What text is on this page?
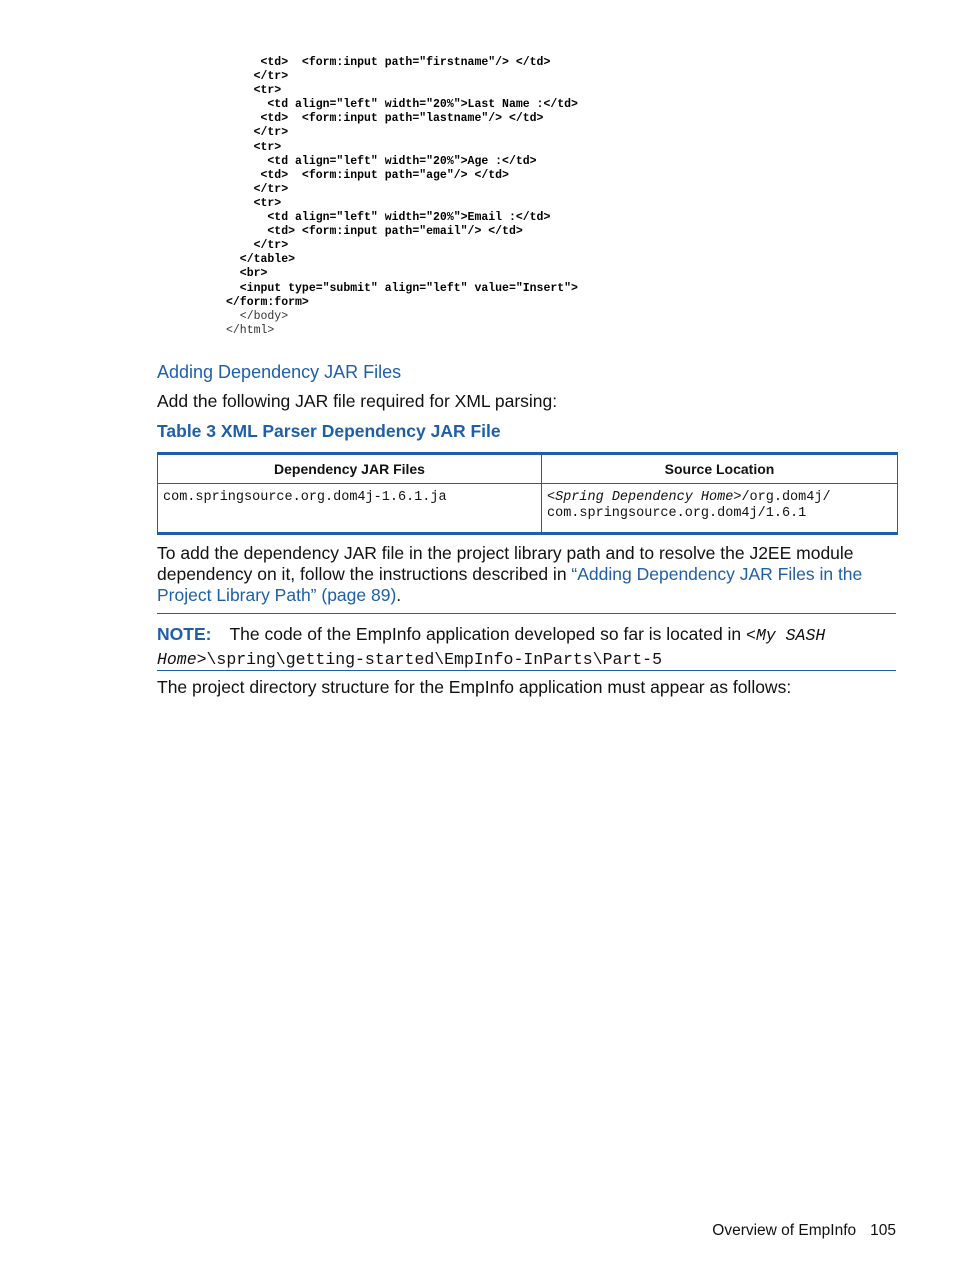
<td>  <form:input path="firstname"/> </td>
</tr>
<tr>
<td align="left" width="20%">Last Name :</td>
<td>  <form:input path="lastname"/> </td>
</tr>
<tr>
<td align="left" width="20%">Age :</td>
<td>  <form:input path="age"/> </td>
</tr>
<tr>
<td align="left" width="20%">Email :</td>
<td> <form:input path="email"/> </td>
</tr>
</table>
<br>
<input type="submit" align="left" value="Insert">
</form:form>
</body>
</html>
Adding Dependency JAR Files
Add the following JAR file required for XML parsing:
Table 3 XML Parser Dependency JAR File
Dependency JAR Files	Source Location
com.springsource.org.dom4j-1.6.1.ja	<Spring Dependency Home>/org.dom4j/
com.springsource.org.dom4j/1.6.1
To add the dependency JAR file in the project library path and to resolve the J2EE module dependency on it, follow the instructions described in “Adding Dependency JAR Files in the Project Library Path” (page 89).
NOTE: The code of the EmpInfo application developed so far is located in <My SASH
Home>\spring\getting-started\EmpInfo-InParts\Part-5
The project directory structure for the EmpInfo application must appear as follows:
Overview of EmpInfo 105
